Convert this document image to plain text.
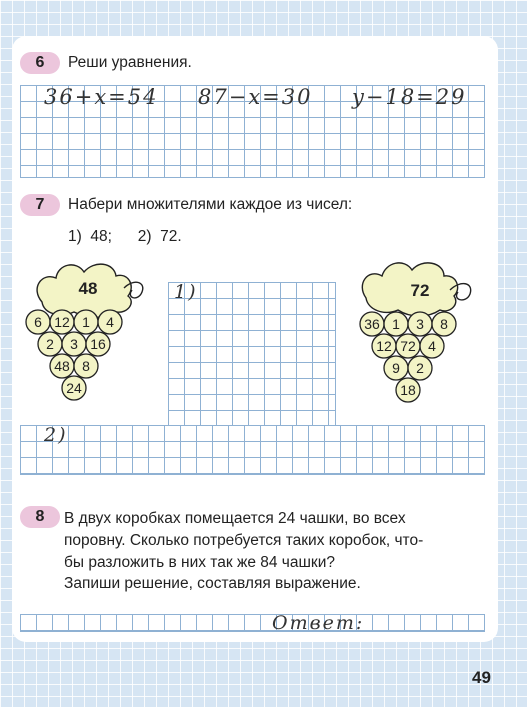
6	Реши уравнения.
36+x=54 87−x=30 y−18=29
7	Набери множителями каждое из чисел:
1)  48;      2)  72.
48
6 12 1 4
2 3 16
48 8
24
1)	72
36 1 3 8
12 72 4
9 2
18
2)
8	В двух коробках помещается 24 чашки, во всех
поровну. Сколько потребуется таких коробок, что-
бы разложить в них так же 84 чашки?
Запиши решение, составляя выражение.
Ответ:
49
